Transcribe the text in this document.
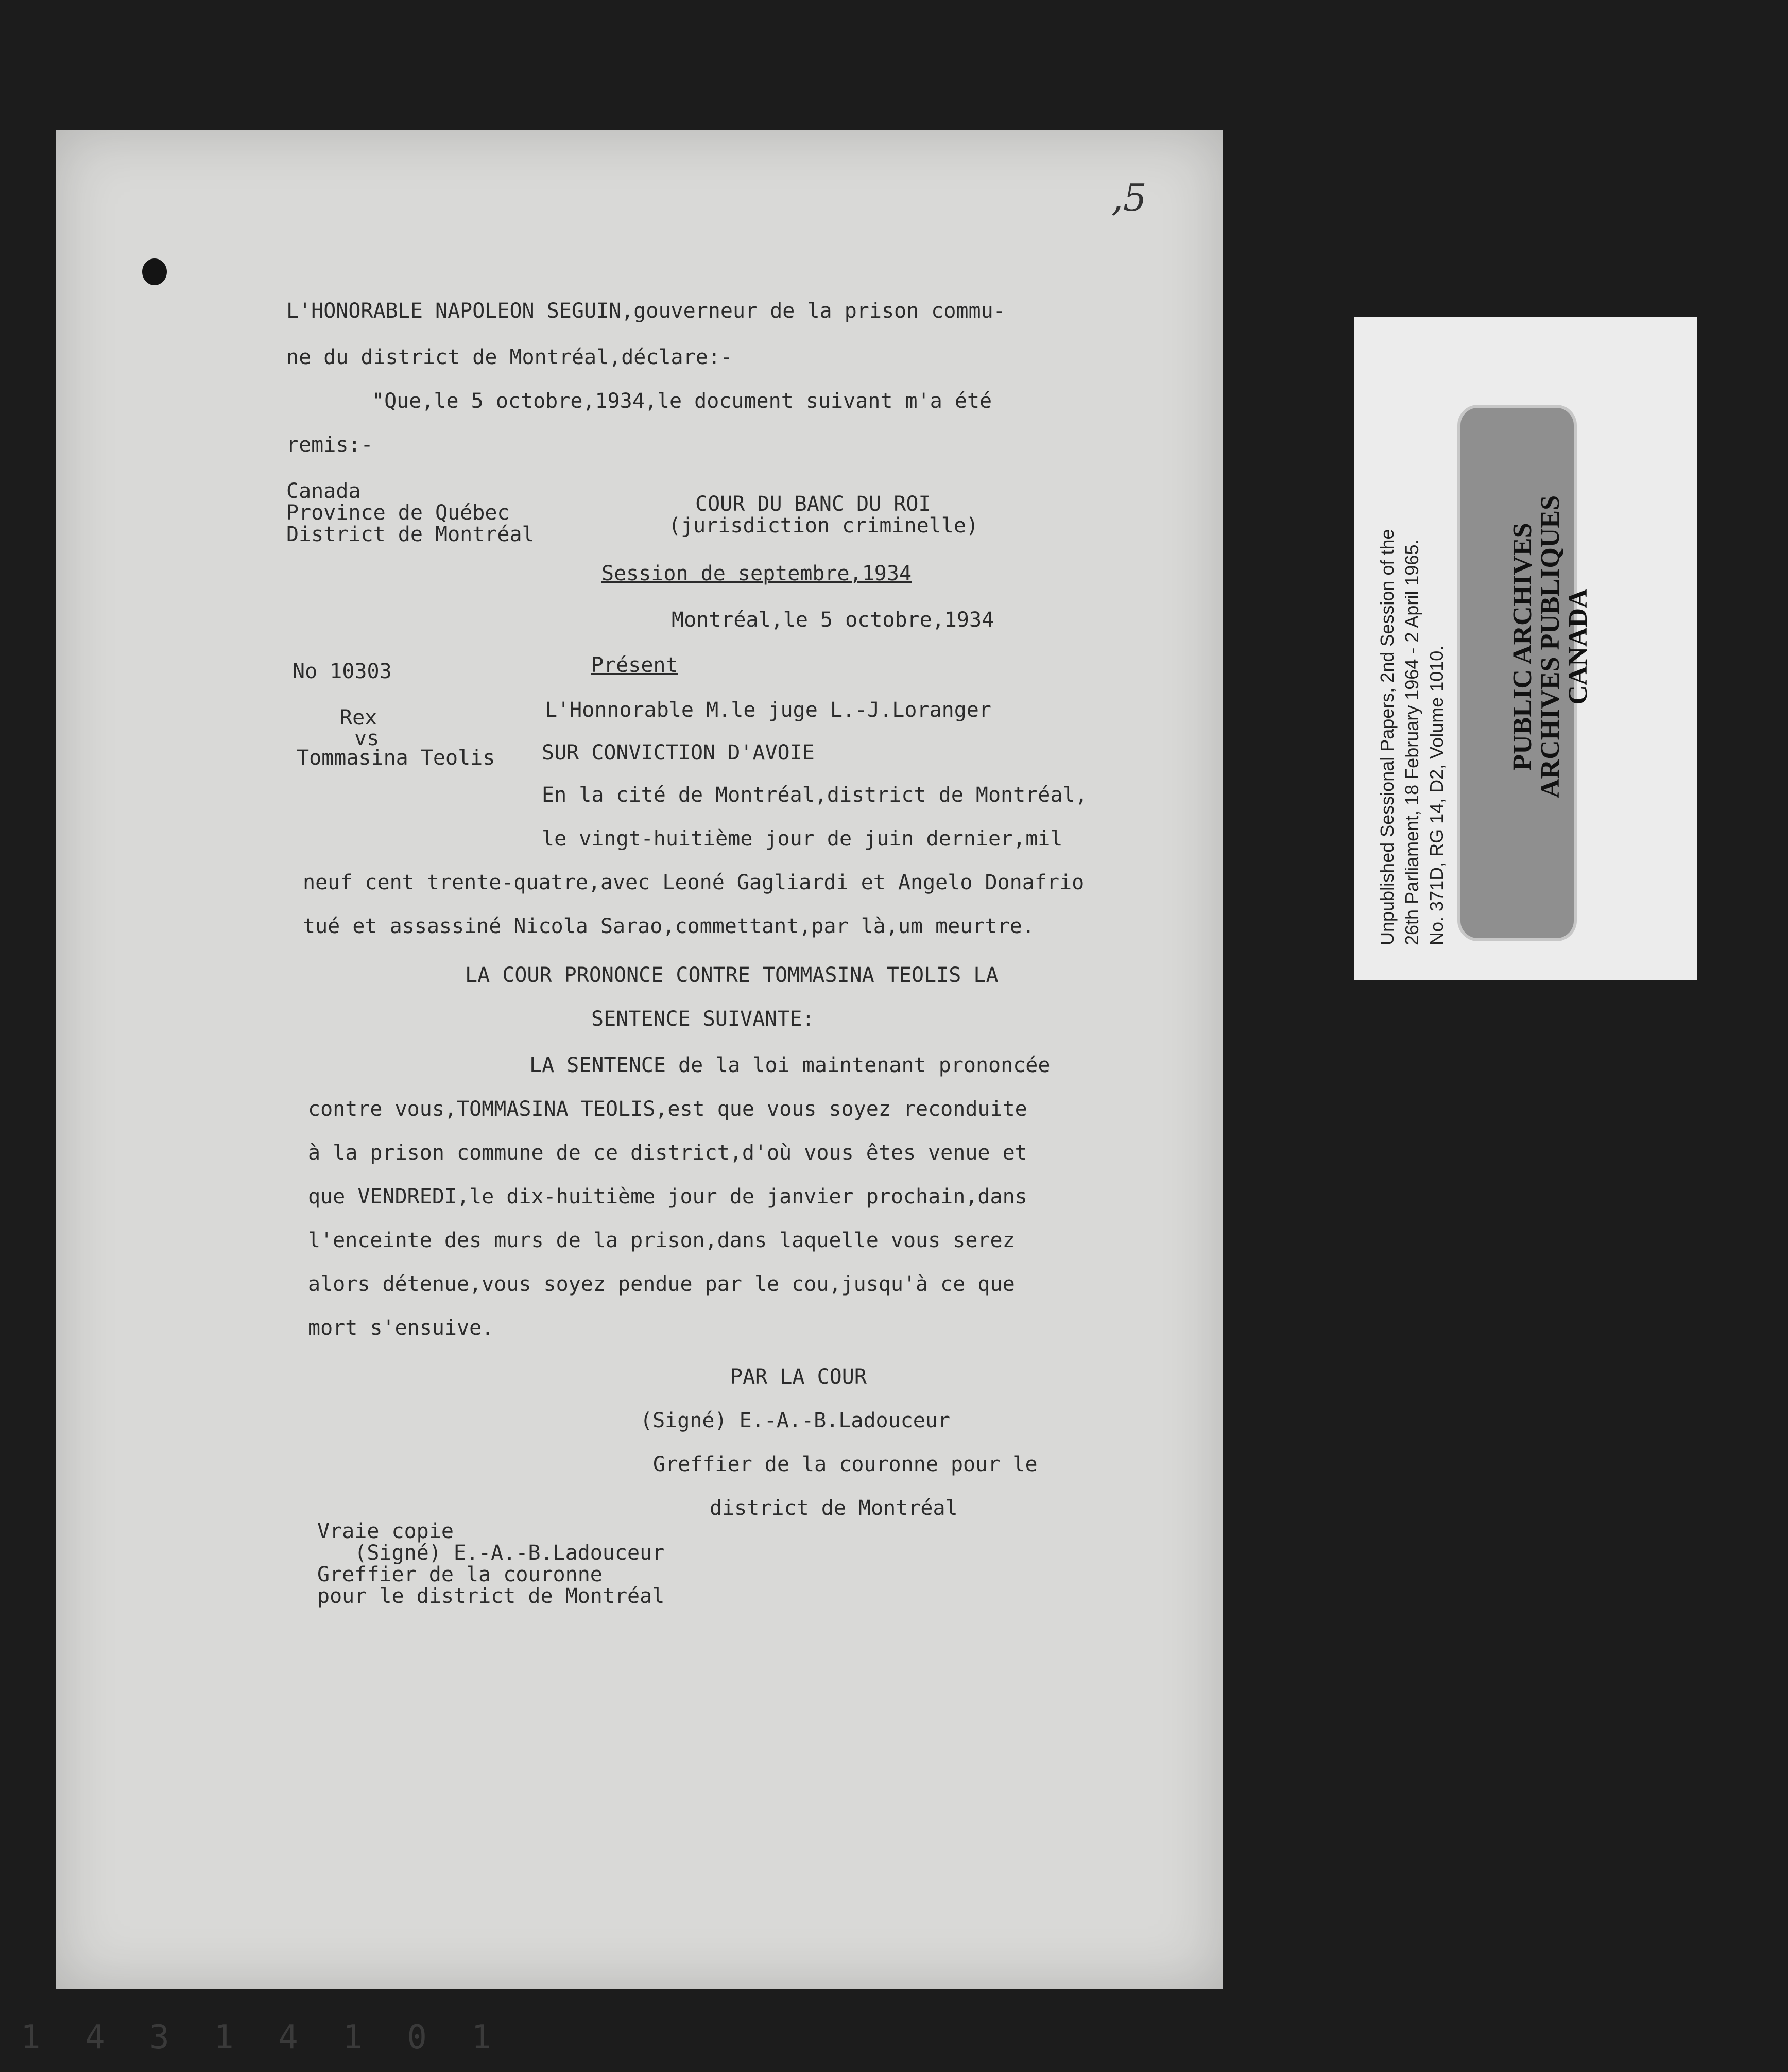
,5
L'HONORABLE NAPOLEON SEGUIN,gouverneur de la prison commu-
ne du district de Montréal,déclare:-
"Que,le 5 octobre,1934,le document suivant m'a été
remis:-
Canada
Province de Québec
District de Montréal
COUR DU BANC DU ROI
(jurisdiction criminelle)
Session de septembre,1934
Montréal,le 5 octobre,1934
No 10303	Présent
L'Honnorable M.le juge L.-J.Loranger
Rex
vs
Tommasina Teolis SUR CONVICTION D'AVOIE
En la cité de Montréal,district de Montréal,
le vingt-huitième jour de juin dernier,mil
neuf cent trente-quatre,avec Leoné Gagliardi et Angelo Donafrio
tué et assassiné Nicola Sarao,commettant,par là,um meurtre.
LA COUR PRONONCE CONTRE TOMMASINA TEOLIS LA
SENTENCE SUIVANTE:
LA SENTENCE de la loi maintenant prononcée
contre vous,TOMMASINA TEOLIS,est que vous soyez reconduite
à la prison commune de ce district,d'où vous êtes venue et
que VENDREDI,le dix-huitième jour de janvier prochain,dans
l'enceinte des murs de la prison,dans laquelle vous serez
alors détenue,vous soyez pendue par le cou,jusqu'à ce que
mort s'ensuive.
PAR LA COUR
(Signé) E.-A.-B.Ladouceur
Greffier de la couronne pour le
district de Montréal
Vraie copie
(Signé) E.-A.-B.Ladouceur
Greffier de la couronne
pour le district de Montréal
Unpublished Sessional Papers, 2nd Session of the 26th Parliament, 18 February 1964 - 2 April 1965. No. 371D, RG 14, D2, Volume 1010. PUBLIC ARCHIVES
ARCHIVES PUBLIQUES
CANADA
1 4 3 1 4 1 0 1
